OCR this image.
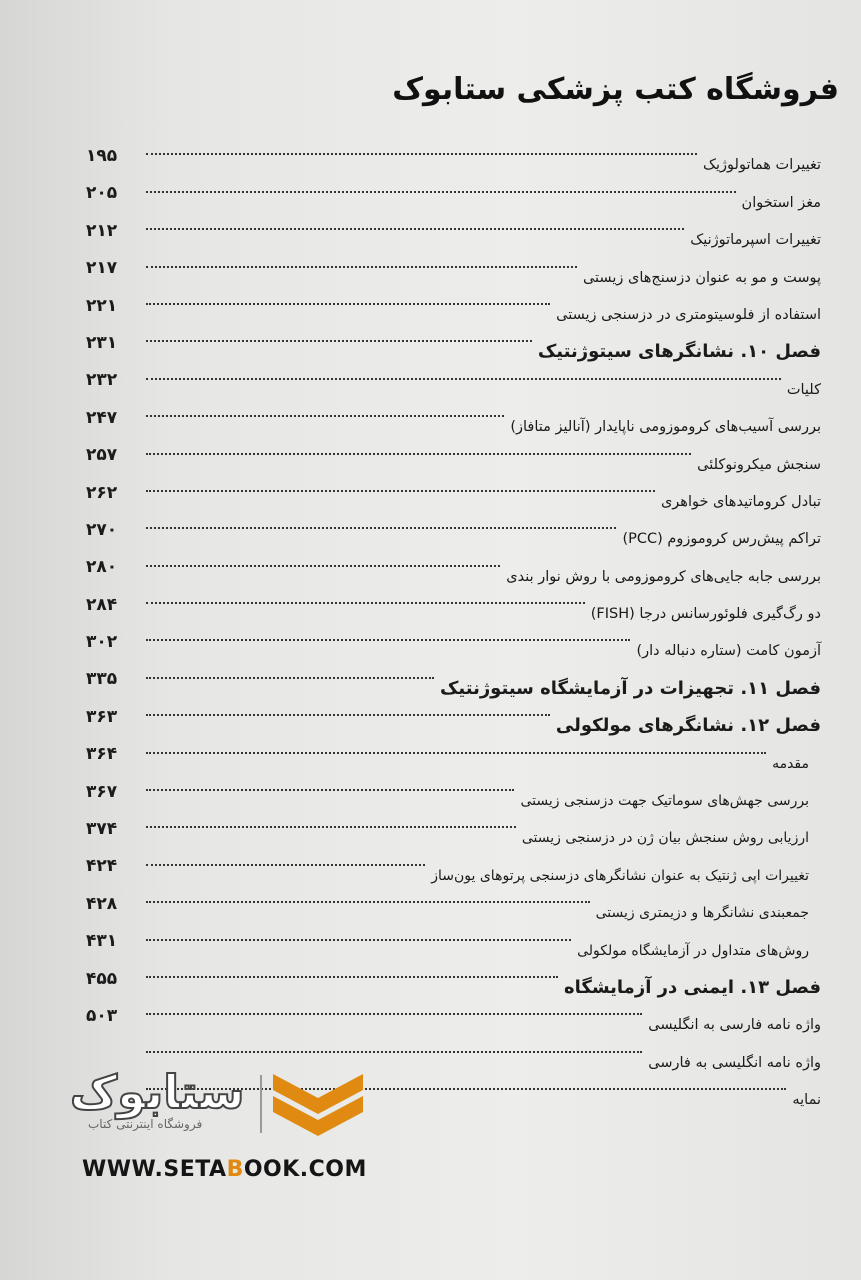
فروشگاه کتب پزشکی ستابوک
تغییرات هماتولوژیک
۱۹۵
مغز استخوان
۲۰۵
تغییرات اسپرماتوژنیک
۲۱۲
پوست و مو به عنوان دزسنج‌های زیستی
۲۱۷
استفاده از فلوسیتومتری در دزسنجی زیستی
۲۲۱
فصل ۱۰. نشانگرهای سیتوژنتیک
۲۳۱
کلیات
۲۳۲
بررسی آسیب‌های کروموزومی ناپایدار (آنالیز متافاز)
۲۴۷
سنجش میکرونوکلئی
۲۵۷
تبادل کروماتیدهای خواهری
۲۶۲
تراکم پیش‌رس کروموزوم (PCC)
۲۷۰
بررسی جابه جایی‌های کروموزومی با روش نوار بندی
۲۸۰
دو رگ‌گیری فلوئورسانس درجا (FISH)
۲۸۴
آزمون کامت (ستاره دنباله دار)
۳۰۲
فصل ۱۱. تجهیزات در آزمایشگاه سیتوژنتیک
۳۳۵
فصل ۱۲. نشانگرهای مولکولی
۳۶۳
مقدمه
۳۶۴
بررسی جهش‌های سوماتیک جهت دزسنجی زیستی
۳۶۷
ارزیابی روش سنجش بیان ژن در دزسنجی زیستی
۳۷۴
تغییرات اپی ژنتیک به عنوان نشانگرهای دزسنجی پرتوهای یون‌ساز
۴۲۴
جمعبندی نشانگرها و دزیمتری زیستی
۴۲۸
روش‌های متداول در آزمایشگاه مولکولی
۴۳۱
فصل ۱۳. ایمنی در آزمایشگاه
۴۵۵
واژه نامه فارسی به انگلیسی
۵۰۳
واژه نامه انگلیسی به فارسی
نمایه
ستابوک
فروشگاه اینترنتی کتاب
WWW.SETABOOK.COM
